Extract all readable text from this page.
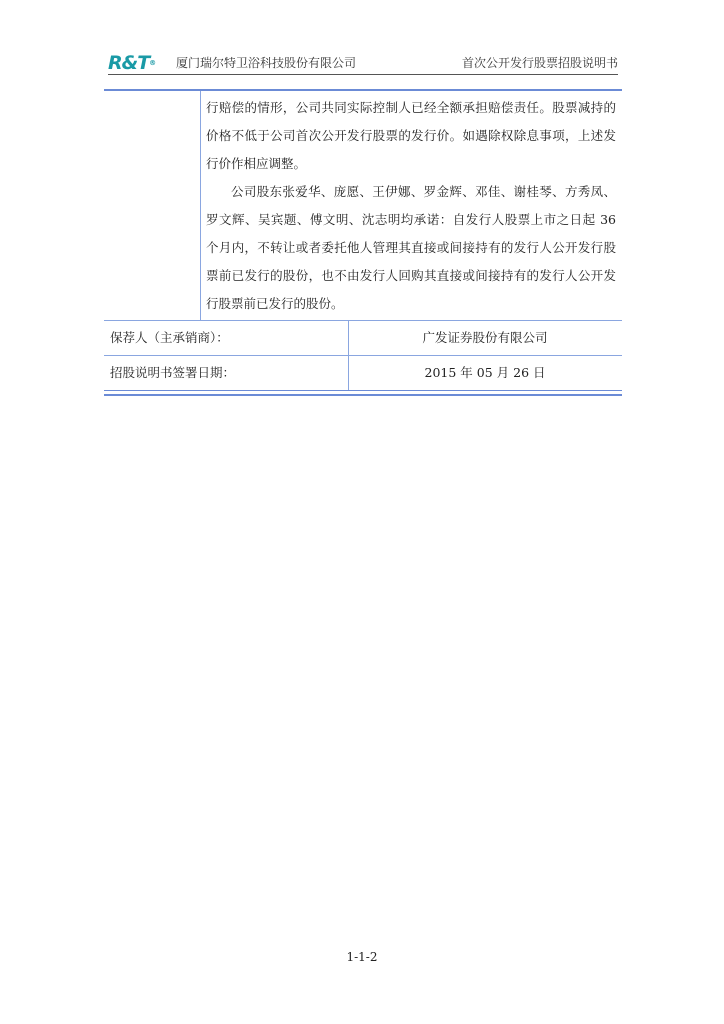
R&T® 厦门瑞尔特卫浴科技股份有限公司	首次公开发行股票招股说明书

行赔偿的情形，公司共同实际控制人已经全额承担赔偿责任。股票减持的价格不低于公司首次公开发行股票的发行价。如遇除权除息事项，上述发行价作相应调整。

公司股东张爱华、庞愿、王伊娜、罗金辉、邓佳、谢桂琴、方秀凤、罗文辉、吴宾题、傅文明、沈志明均承诺：自发行人股票上市之日起 36 个月内，不转让或者委托他人管理其直接或间接持有的发行人公开发行股票前已发行的股份，也不由发行人回购其直接或间接持有的发行人公开发行股票前已发行的股份。

保荐人（主承销商）：	广发证券股份有限公司
招股说明书签署日期：	2015 年 05 月 26 日
1-1-2
